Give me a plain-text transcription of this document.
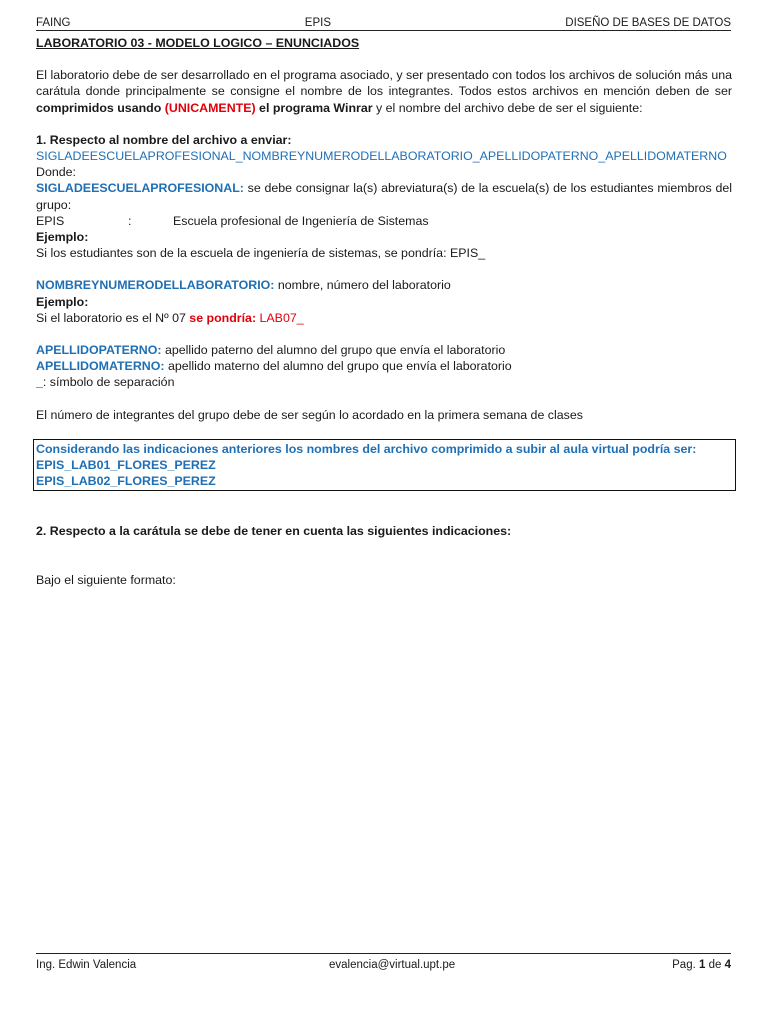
FAING	EPIS	DISEÑO DE BASES DE DATOS

LABORATORIO 03 - MODELO LOGICO – ENUNCIADOS

El laboratorio debe de ser desarrollado en el programa asociado, y ser presentado con todos los archivos de solución más una carátula donde principalmente se consigne el nombre de los integrantes. Todos estos archivos en mención deben de ser comprimidos usando (UNICAMENTE) el programa Winrar y el nombre del archivo debe de ser el siguiente:

1. Respecto al nombre del archivo a enviar:

SIGLADEESCUELAPROFESIONAL_NOMBREYNUMERODELLABORATORIO_APELLIDOPATERNO_APELLIDOMATERNO

Donde:

SIGLADEESCUELAPROFESIONAL: se debe consignar la(s) abreviatura(s) de la escuela(s) de los estudiantes miembros del grupo:

EPIS	:	Escuela profesional de Ingeniería de Sistemas

Ejemplo:

Si los estudiantes son de la escuela de ingeniería de sistemas, se pondría: EPIS_

NOMBREYNUMERODELLABORATORIO: nombre, número del laboratorio

Ejemplo:

Si el laboratorio es el Nº 07 se pondría: LAB07_

APELLIDOPATERNO: apellido paterno del alumno del grupo que envía el laboratorio

APELLIDOMATERNO: apellido materno del alumno del grupo que envía el laboratorio

_: símbolo de separación

El número de integrantes del grupo debe de ser según lo acordado en la primera semana de clases

Considerando las indicaciones anteriores los nombres del archivo comprimido a subir al aula virtual podría ser:

EPIS_LAB01_FLORES_PEREZ

EPIS_LAB02_FLORES_PEREZ

2. Respecto a la carátula se debe de tener en cuenta las siguientes indicaciones:

Bajo el siguiente formato:

Ing. Edwin Valencia	evalencia@virtual.upt.pe	Pag. 1 de 4
